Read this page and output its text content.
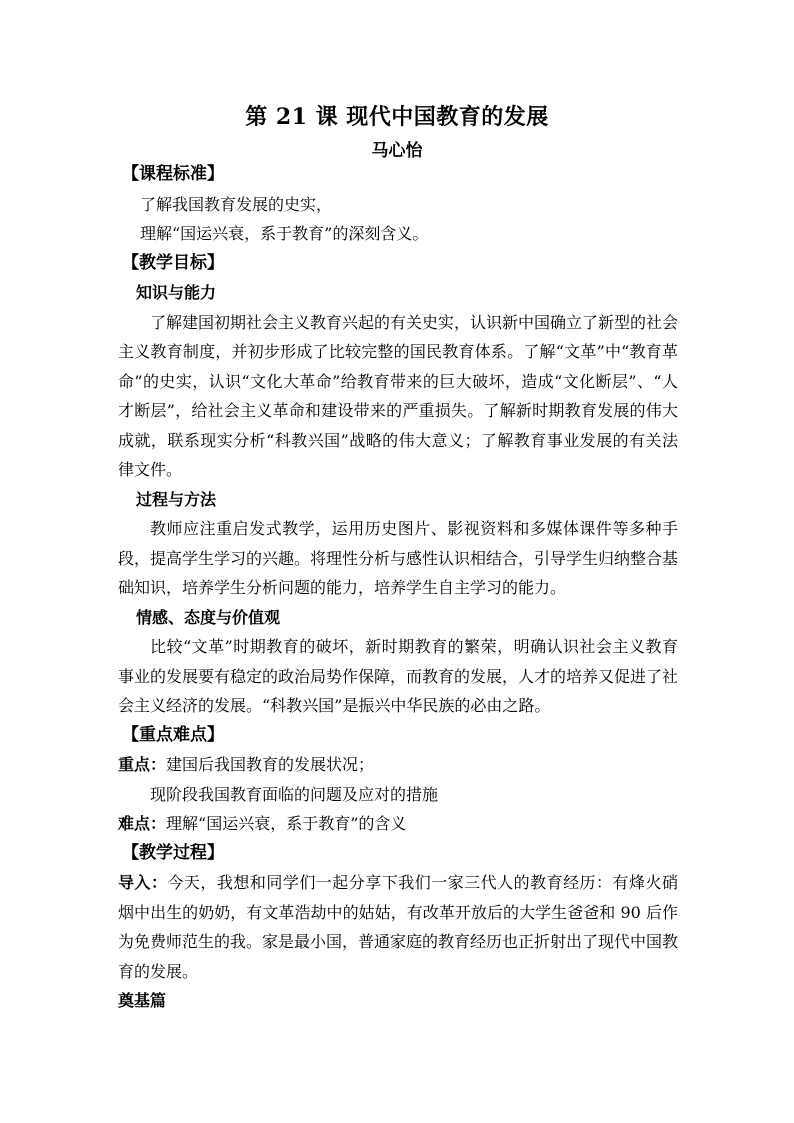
第 21 课 现代中国教育的发展
马心怡
【课程标准】
了解我国教育发展的史实，
理解“国运兴衰，系于教育”的深刻含义。
【教学目标】
知识与能力

了解建国初期社会主义教育兴起的有关史实，认识新中国确立了新型的社会主义教育制度，并初步形成了比较完整的国民教育体系。了解“文革”中“教育革命”的史实，认识“文化大革命”给教育带来的巨大破坏，造成“文化断层”、“人才断层”，给社会主义革命和建设带来的严重损失。了解新时期教育发展的伟大成就，联系现实分析“科教兴国”战略的伟大意义；了解教育事业发展的有关法律文件。

过程与方法

教师应注重启发式教学，运用历史图片、影视资料和多媒体课件等多种手段，提高学生学习的兴趣。将理性分析与感性认识相结合，引导学生归纳整合基础知识，培养学生分析问题的能力，培养学生自主学习的能力。

情感、态度与价值观

比较“文革”时期教育的破坏，新时期教育的繁荣，明确认识社会主义教育事业的发展要有稳定的政治局势作保障，而教育的发展，人才的培养又促进了社会主义经济的发展。“科教兴国”是振兴中华民族的必由之路。

【重点难点】
重点：建国后我国教育的发展状况；
现阶段我国教育面临的问题及应对的措施
难点：理解“国运兴衰，系于教育”的含义
【教学过程】

导入：今天，我想和同学们一起分享下我们一家三代人的教育经历：有烽火硝烟中出生的奶奶，有文革浩劫中的姑姑，有改革开放后的大学生爸爸和 90 后作为免费师范生的我。家是最小国，普通家庭的教育经历也正折射出了现代中国教育的发展。

奠基篇
